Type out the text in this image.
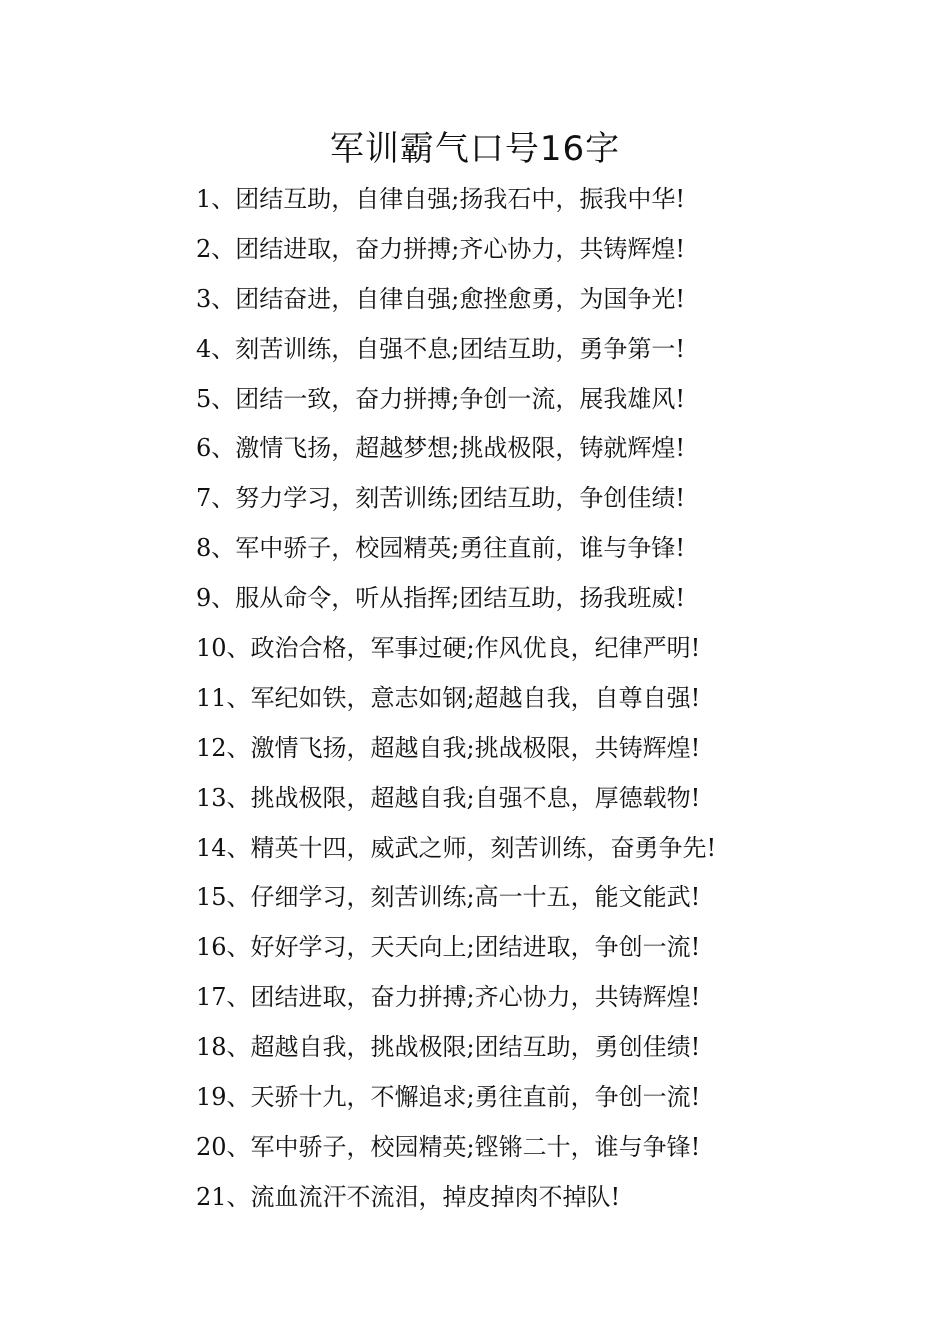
军训霸气口号16字
1、团结互助，自律自强;扬我石中，振我中华!
2、团结进取，奋力拼搏;齐心协力，共铸辉煌!
3、团结奋进，自律自强;愈挫愈勇，为国争光!
4、刻苦训练，自强不息;团结互助，勇争第一!
5、团结一致，奋力拼搏;争创一流，展我雄风!
6、激情飞扬，超越梦想;挑战极限，铸就辉煌!
7、努力学习，刻苦训练;团结互助，争创佳绩!
8、军中骄子，校园精英;勇往直前，谁与争锋!
9、服从命令，听从指挥;团结互助，扬我班威!
10、政治合格，军事过硬;作风优良，纪律严明!
11、军纪如铁，意志如钢;超越自我，自尊自强!
12、激情飞扬，超越自我;挑战极限，共铸辉煌!
13、挑战极限，超越自我;自强不息，厚德载物!
14、精英十四，威武之师，刻苦训练，奋勇争先!
15、仔细学习，刻苦训练;高一十五，能文能武!
16、好好学习，天天向上;团结进取，争创一流!
17、团结进取，奋力拼搏;齐心协力，共铸辉煌!
18、超越自我，挑战极限;团结互助，勇创佳绩!
19、天骄十九，不懈追求;勇往直前，争创一流!
20、军中骄子，校园精英;铿锵二十，谁与争锋!
21、流血流汗不流泪，掉皮掉肉不掉队!
